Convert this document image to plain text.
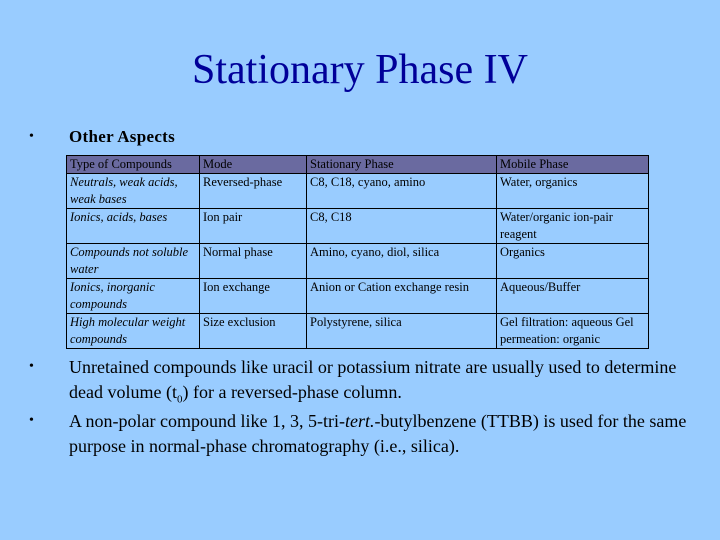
Stationary Phase IV
• Other Aspects
Type of Compounds	Mode	Stationary Phase	Mobile Phase
Neutrals, weak acids, weak bases	Reversed-phase	C8, C18, cyano, amino	Water, organics
Ionics, acids, bases	Ion pair	C8, C18	Water/organic ion-pair reagent
Compounds not soluble water	Normal phase	Amino, cyano, diol, silica	Organics
Ionics, inorganic compounds	Ion exchange	Anion or Cation exchange resin	Aqueous/Buffer
High molecular weight compounds	Size exclusion	Polystyrene, silica	Gel filtration: aqueous Gel permeation: organic
• Unretained compounds like uracil or potassium nitrate are usually used to determine dead volume $(t_0)$ for a reversed-phase column.
• A non-polar compound like 1, 3, 5-tri-tert.-butylbenzene (TTBB) is used for the same purpose in normal-phase chromatography (i.e., silica).
